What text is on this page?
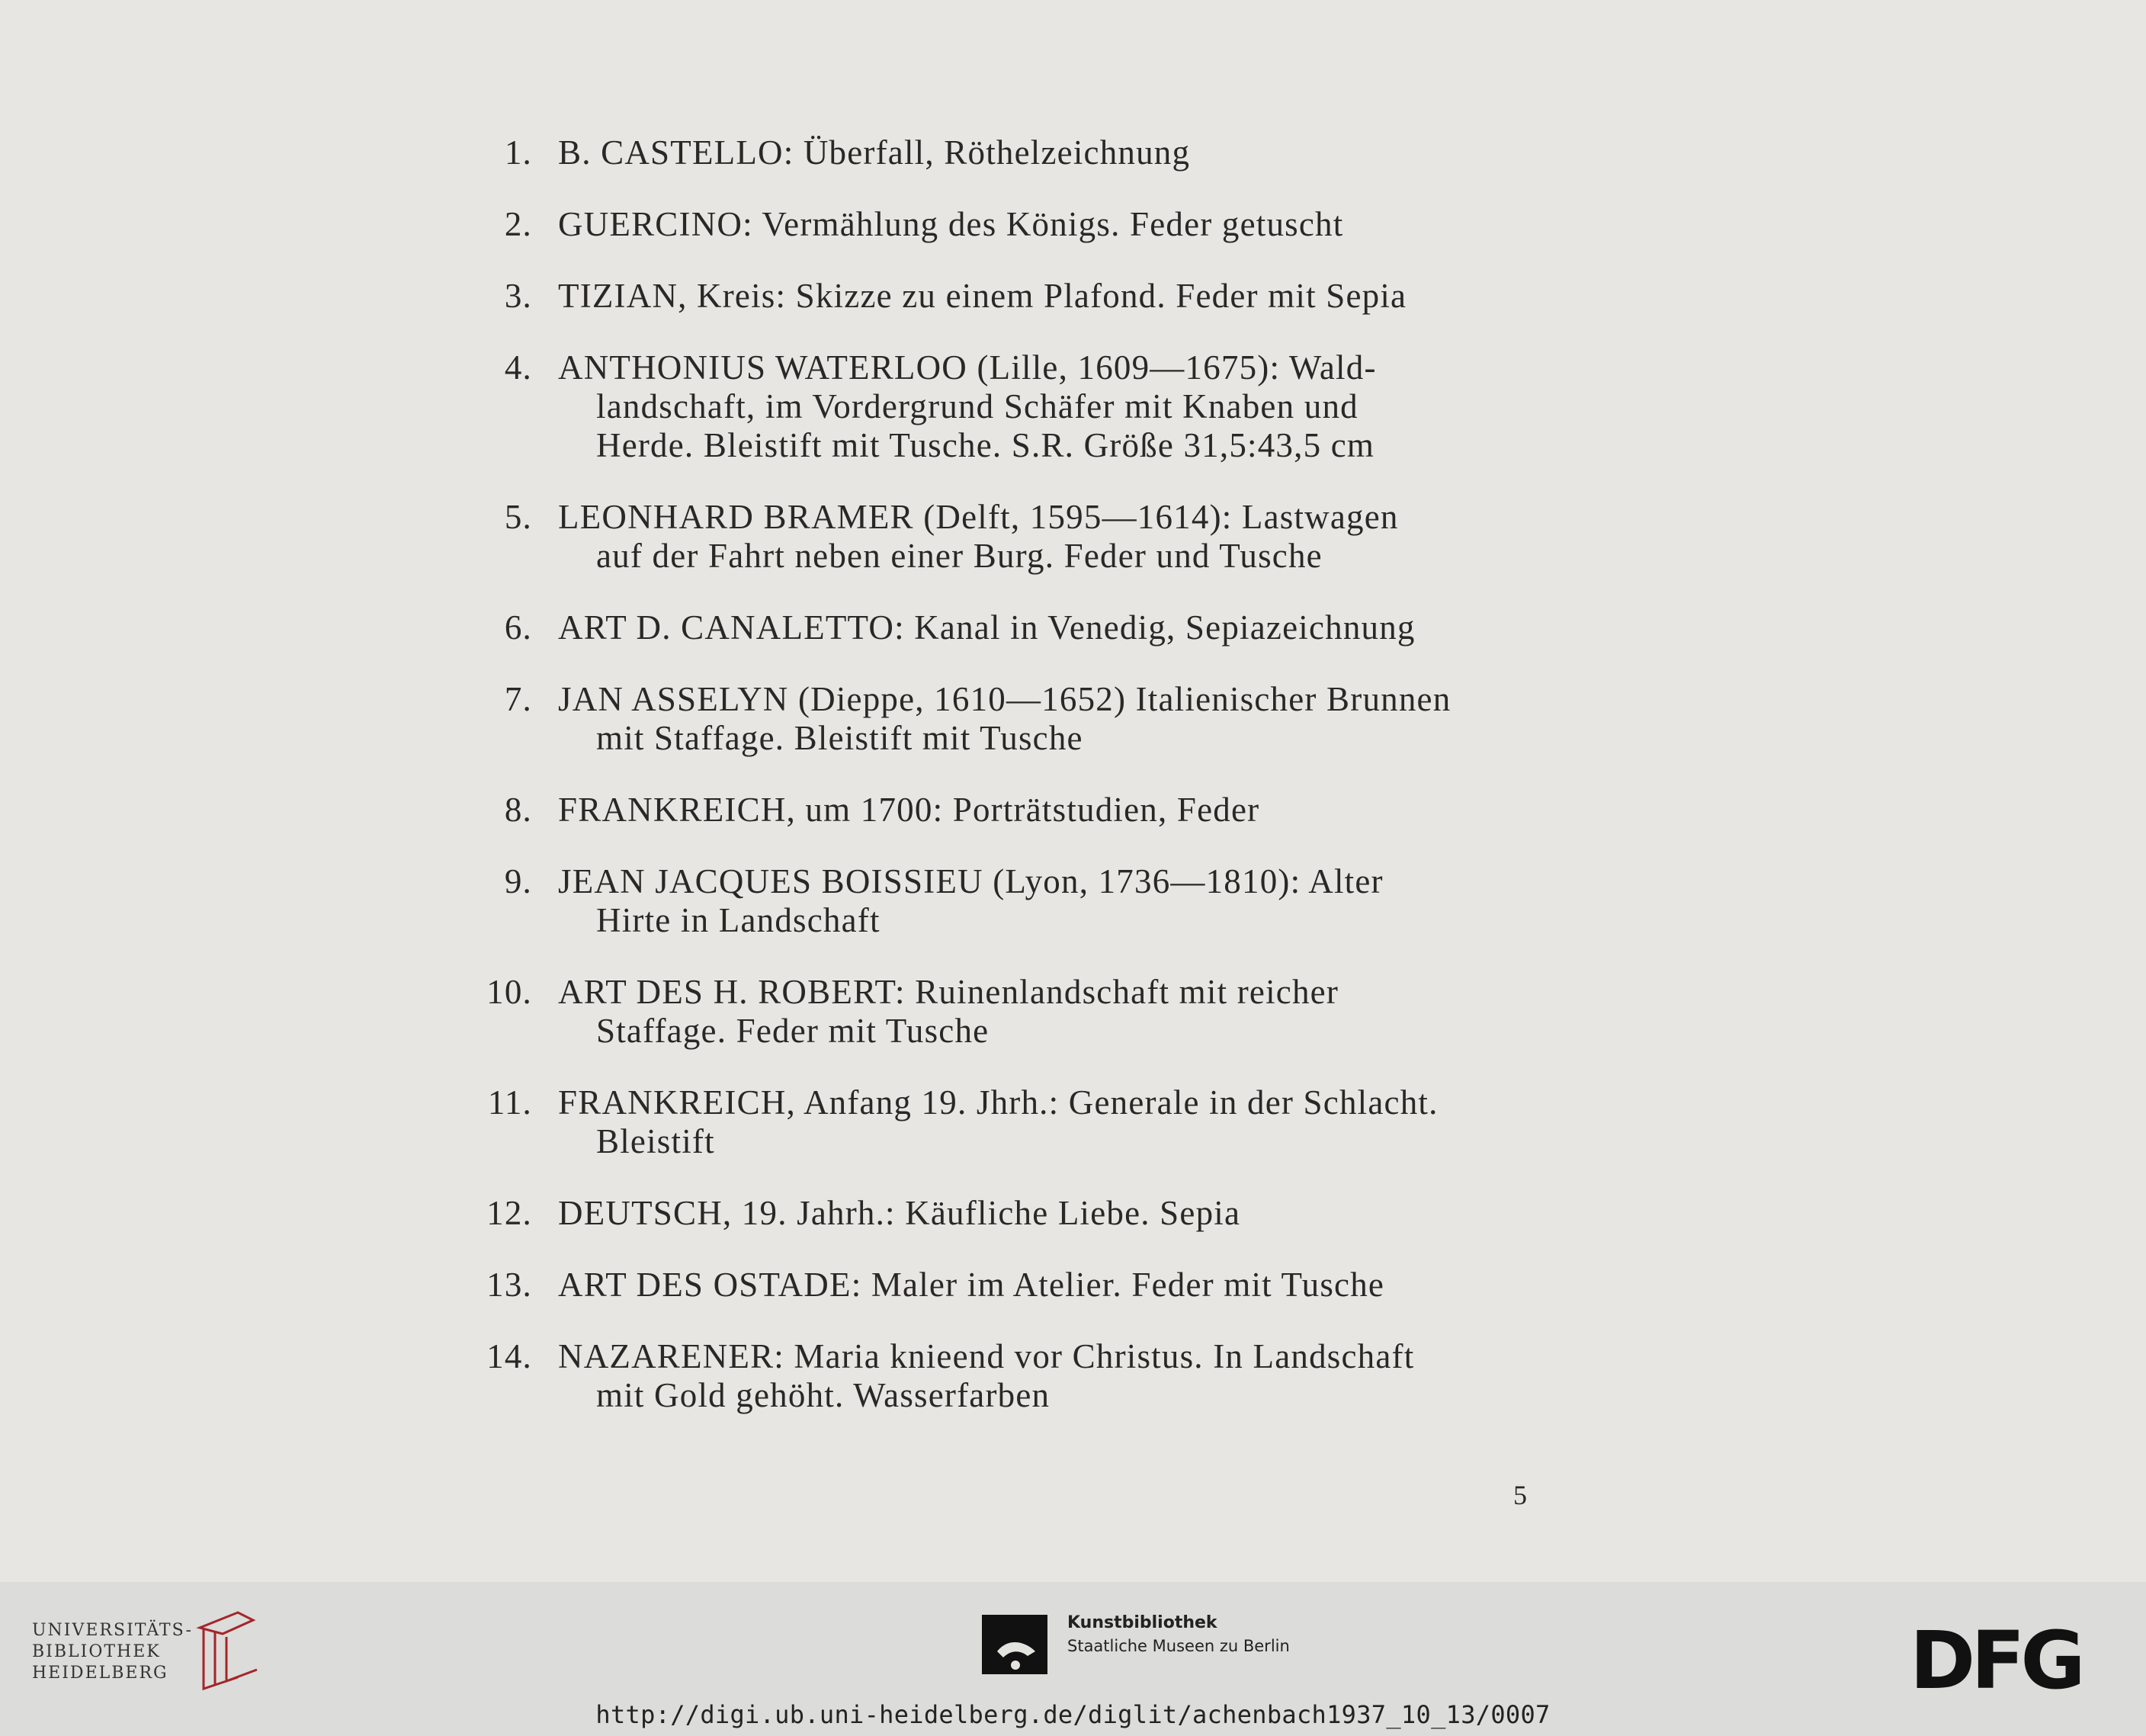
1. B. CASTELLO: Überfall, Röthelzeichnung
2. GUERCINO: Vermählung des Königs. Feder getuscht
3. TIZIAN, Kreis: Skizze zu einem Plafond. Feder mit Sepia
4. ANTHONIUS WATERLOO (Lille, 1609—1675): Wald-
landschaft, im Vordergrund Schäfer mit Knaben und
Herde. Bleistift mit Tusche. S.R. Größe 31,5:43,5 cm
5. LEONHARD BRAMER (Delft, 1595—1614): Lastwagen
auf der Fahrt neben einer Burg. Feder und Tusche
6. ART D. CANALETTO: Kanal in Venedig, Sepiazeichnung
7. JAN ASSELYN (Dieppe, 1610—1652) Italienischer Brunnen
mit Staffage. Bleistift mit Tusche
8. FRANKREICH, um 1700: Porträtstudien, Feder
9. JEAN JACQUES BOISSIEU (Lyon, 1736—1810): Alter
Hirte in Landschaft
10. ART DES H. ROBERT: Ruinenlandschaft mit reicher
Staffage. Feder mit Tusche
11. FRANKREICH, Anfang 19. Jhrh.: Generale in der Schlacht.
Bleistift
12. DEUTSCH, 19. Jahrh.: Käufliche Liebe. Sepia
13. ART DES OSTADE: Maler im Atelier. Feder mit Tusche
14. NAZARENER: Maria knieend vor Christus. In Landschaft
mit Gold gehöht. Wasserfarben
5
UNIVERSITÄTS-
BIBLIOTHEK
HEIDELBERG
Kunstbibliothek
Staatliche Museen zu Berlin	DFG
http://digi.ub.uni-heidelberg.de/diglit/achenbach1937_10_13/0007
